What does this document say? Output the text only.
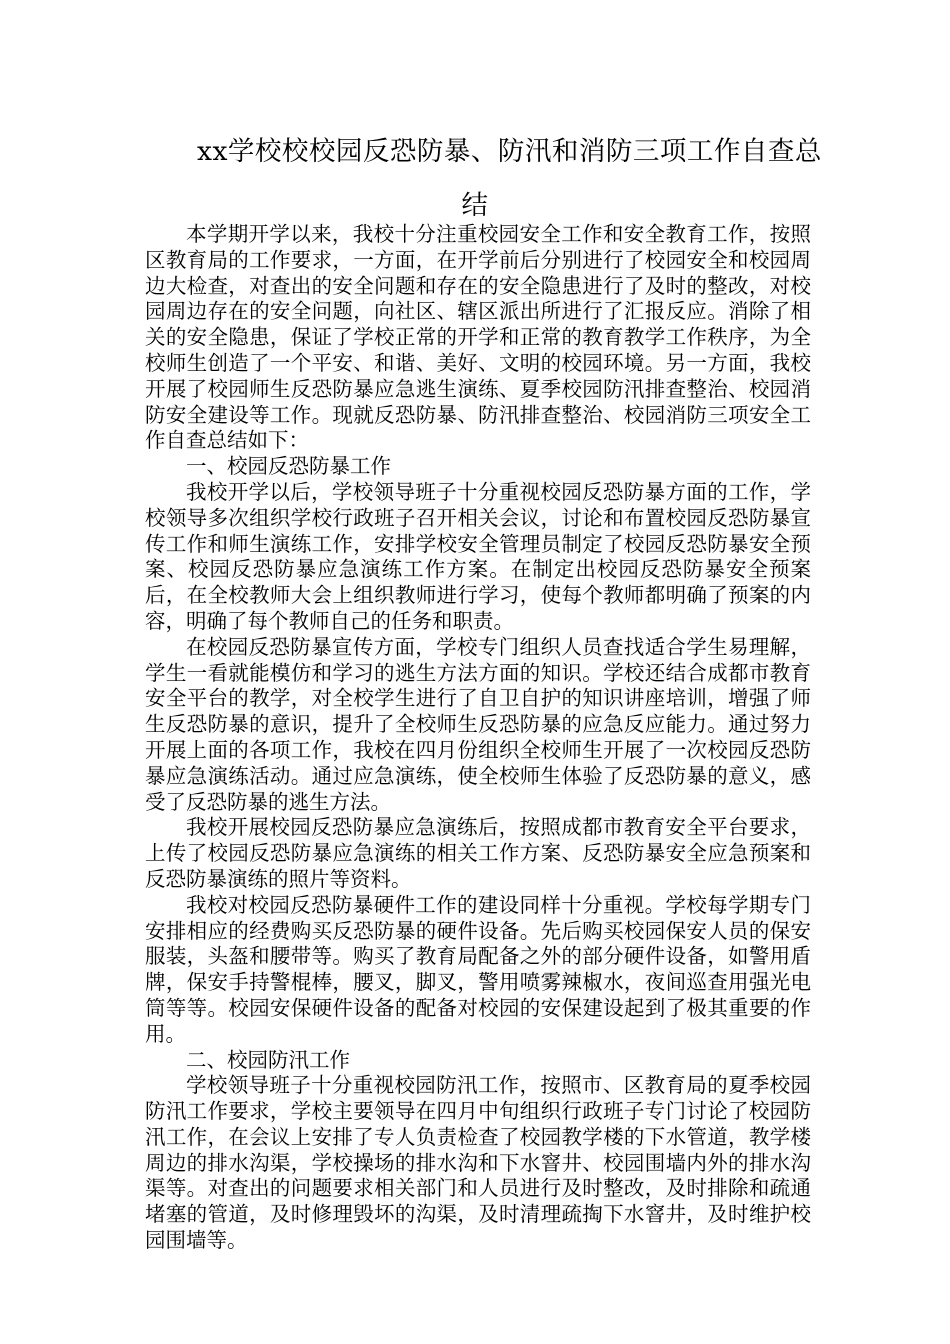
xx学校校校园反恐防暴、防汛和消防三项工作自查总
结

本学期开学以来，我校十分注重校园安全工作和安全教育工作，按照区教育局的工作要求，一方面，在开学前后分别进行了校园安全和校园周边大检查，对查出的安全问题和存在的安全隐患进行了及时的整改，对校园周边存在的安全问题，向社区、辖区派出所进行了汇报反应。消除了相关的安全隐患，保证了学校正常的开学和正常的教育教学工作秩序，为全校师生创造了一个平安、和谐、美好、文明的校园环境。另一方面，我校开展了校园师生反恐防暴应急逃生演练、夏季校园防汛排查整治、校园消防安全建设等工作。现就反恐防暴、防汛排查整治、校园消防三项安全工作自查总结如下：

一、校园反恐防暴工作

我校开学以后，学校领导班子十分重视校园反恐防暴方面的工作，学校领导多次组织学校行政班子召开相关会议，讨论和布置校园反恐防暴宣传工作和师生演练工作，安排学校安全管理员制定了校园反恐防暴安全预案、校园反恐防暴应急演练工作方案。在制定出校园反恐防暴安全预案后，在全校教师大会上组织教师进行学习，使每个教师都明确了预案的内容，明确了每个教师自己的任务和职责。

在校园反恐防暴宣传方面，学校专门组织人员查找适合学生易理解，学生一看就能模仿和学习的逃生方法方面的知识。学校还结合成都市教育安全平台的教学，对全校学生进行了自卫自护的知识讲座培训，增强了师生反恐防暴的意识，提升了全校师生反恐防暴的应急反应能力。通过努力开展上面的各项工作，我校在四月份组织全校师生开展了一次校园反恐防暴应急演练活动。通过应急演练，使全校师生体验了反恐防暴的意义，感受了反恐防暴的逃生方法。

我校开展校园反恐防暴应急演练后，按照成都市教育安全平台要求，上传了校园反恐防暴应急演练的相关工作方案、反恐防暴安全应急预案和反恐防暴演练的照片等资料。

我校对校园反恐防暴硬件工作的建设同样十分重视。学校每学期专门安排相应的经费购买反恐防暴的硬件设备。先后购买校园保安人员的保安服装，头盔和腰带等。购买了教育局配备之外的部分硬件设备，如警用盾牌，保安手持警棍棒，腰叉，脚叉，警用喷雾辣椒水，夜间巡查用强光电筒等等。校园安保硬件设备的配备对校园的安保建设起到了极其重要的作用。

二、校园防汛工作

学校领导班子十分重视校园防汛工作，按照市、区教育局的夏季校园防汛工作要求，学校主要领导在四月中旬组织行政班子专门讨论了校园防汛工作，在会议上安排了专人负责检查了校园教学楼的下水管道，教学楼周边的排水沟渠，学校操场的排水沟和下水窨井、校园围墙内外的排水沟渠等。对查出的问题要求相关部门和人员进行及时整改，及时排除和疏通堵塞的管道，及时修理毁坏的沟渠，及时清理疏掏下水窨井，及时维护校园围墙等。
